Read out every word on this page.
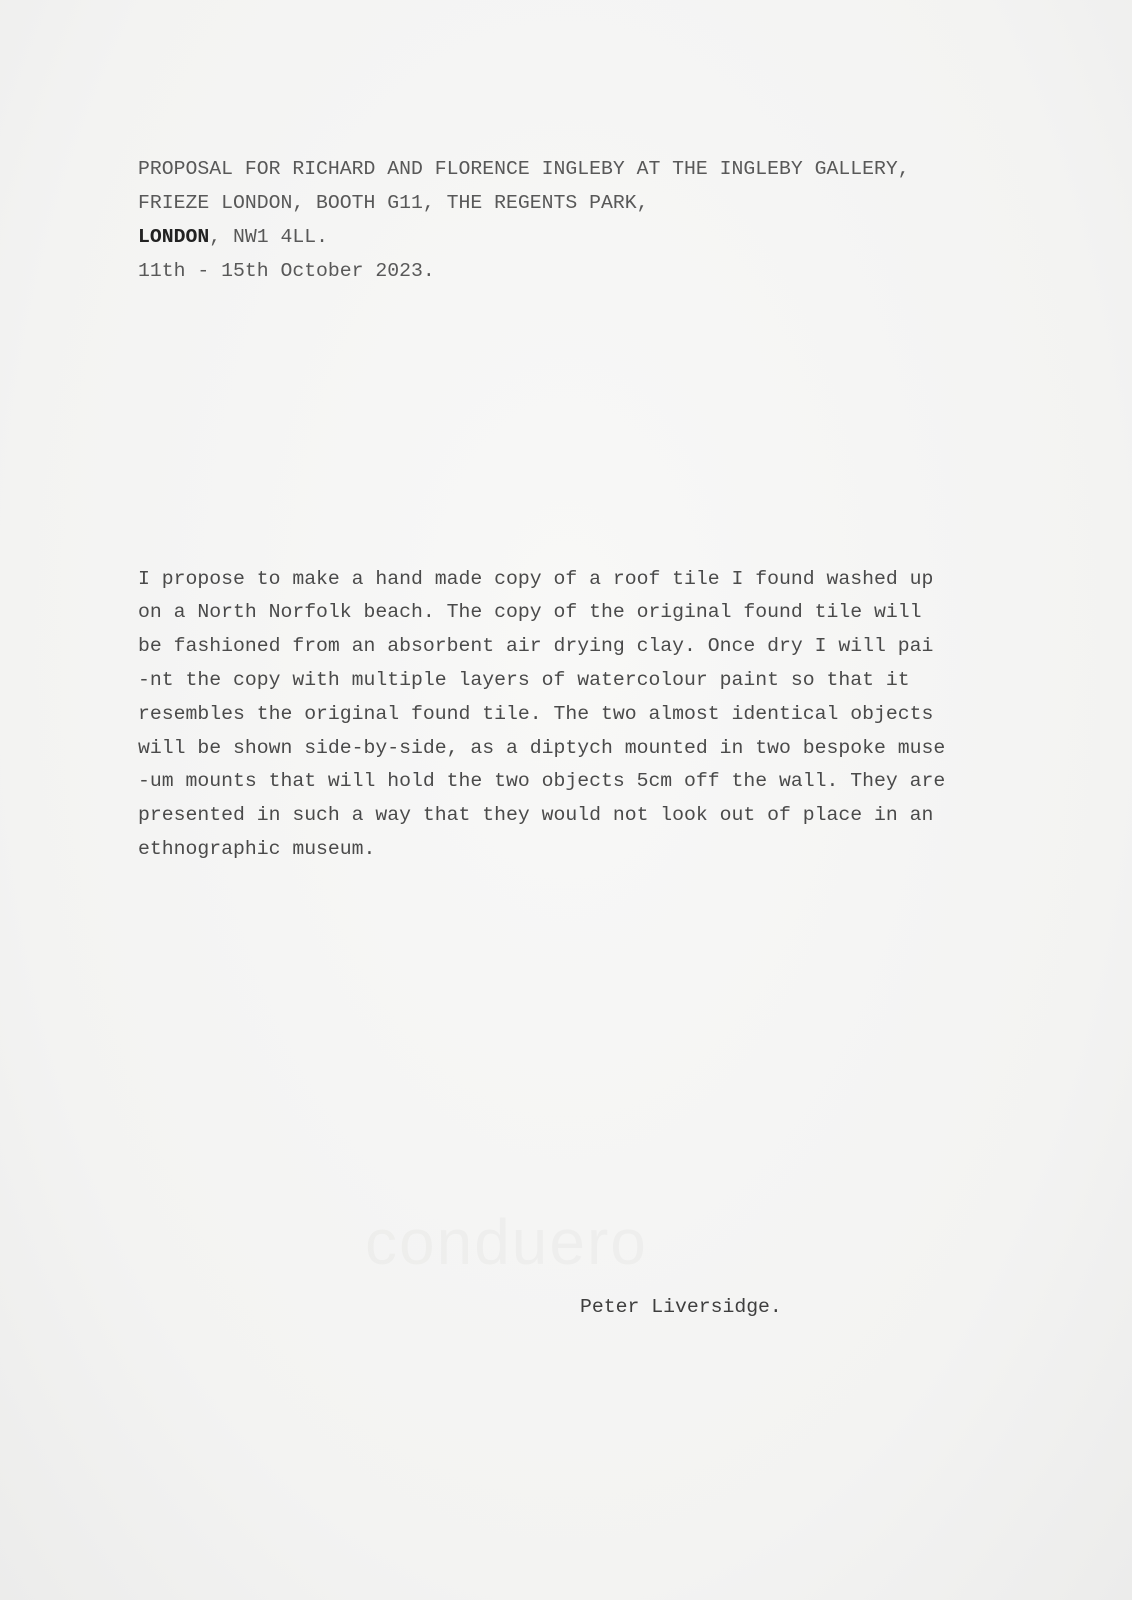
PROPOSAL FOR RICHARD AND FLORENCE INGLEBY AT THE INGLEBY GALLERY,
FRIEZE LONDON, BOOTH G11, THE REGENTS PARK,
LONDON, NW1 4LL.
11th - 15th October 2023.
I propose to make a hand made copy of a roof tile I found washed up
on a North Norfolk beach. The copy of the original found tile will
be fashioned from an absorbent air drying clay. Once dry I will pai
-nt the copy with multiple layers of watercolour paint so that it
resembles the original found tile. The two almost identical objects
will be shown side-by-side, as a diptych mounted in two bespoke muse
-um mounts that will hold the two objects 5cm off the wall. They are
presented in such a way that they would not look out of place in an
ethnographic museum.
Peter Liversidge.
